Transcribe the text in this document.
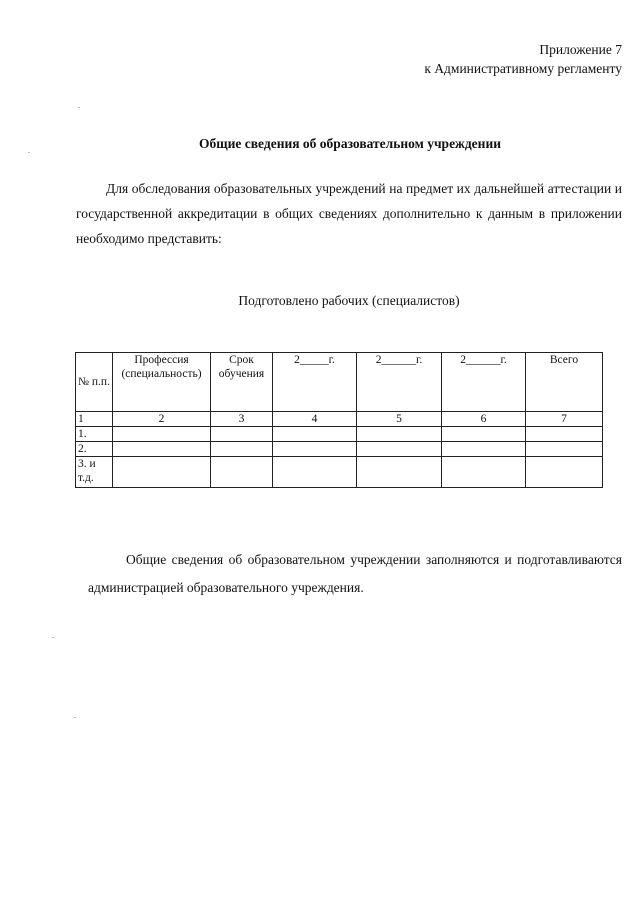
Приложение 7
к Административному регламенту
Общие сведения об образовательном учреждении

Для обследования образовательных учреждений на предмет их дальнейшей аттестации и государственной аккредитации в общих сведениях дополнительно к данным в приложении необходимо представить:

Подготовлено рабочих (специалистов)
№ п.п.	Профессия (специальность)	Срок обучения	2_____г.	2______г.	2______г.	Всего
1	2	3	4	5	6	7
1.						
2.						
3. и т.д.						

Общие сведения об образовательном учреждении заполняются и подготавливаются администрацией образовательного учреждения.
